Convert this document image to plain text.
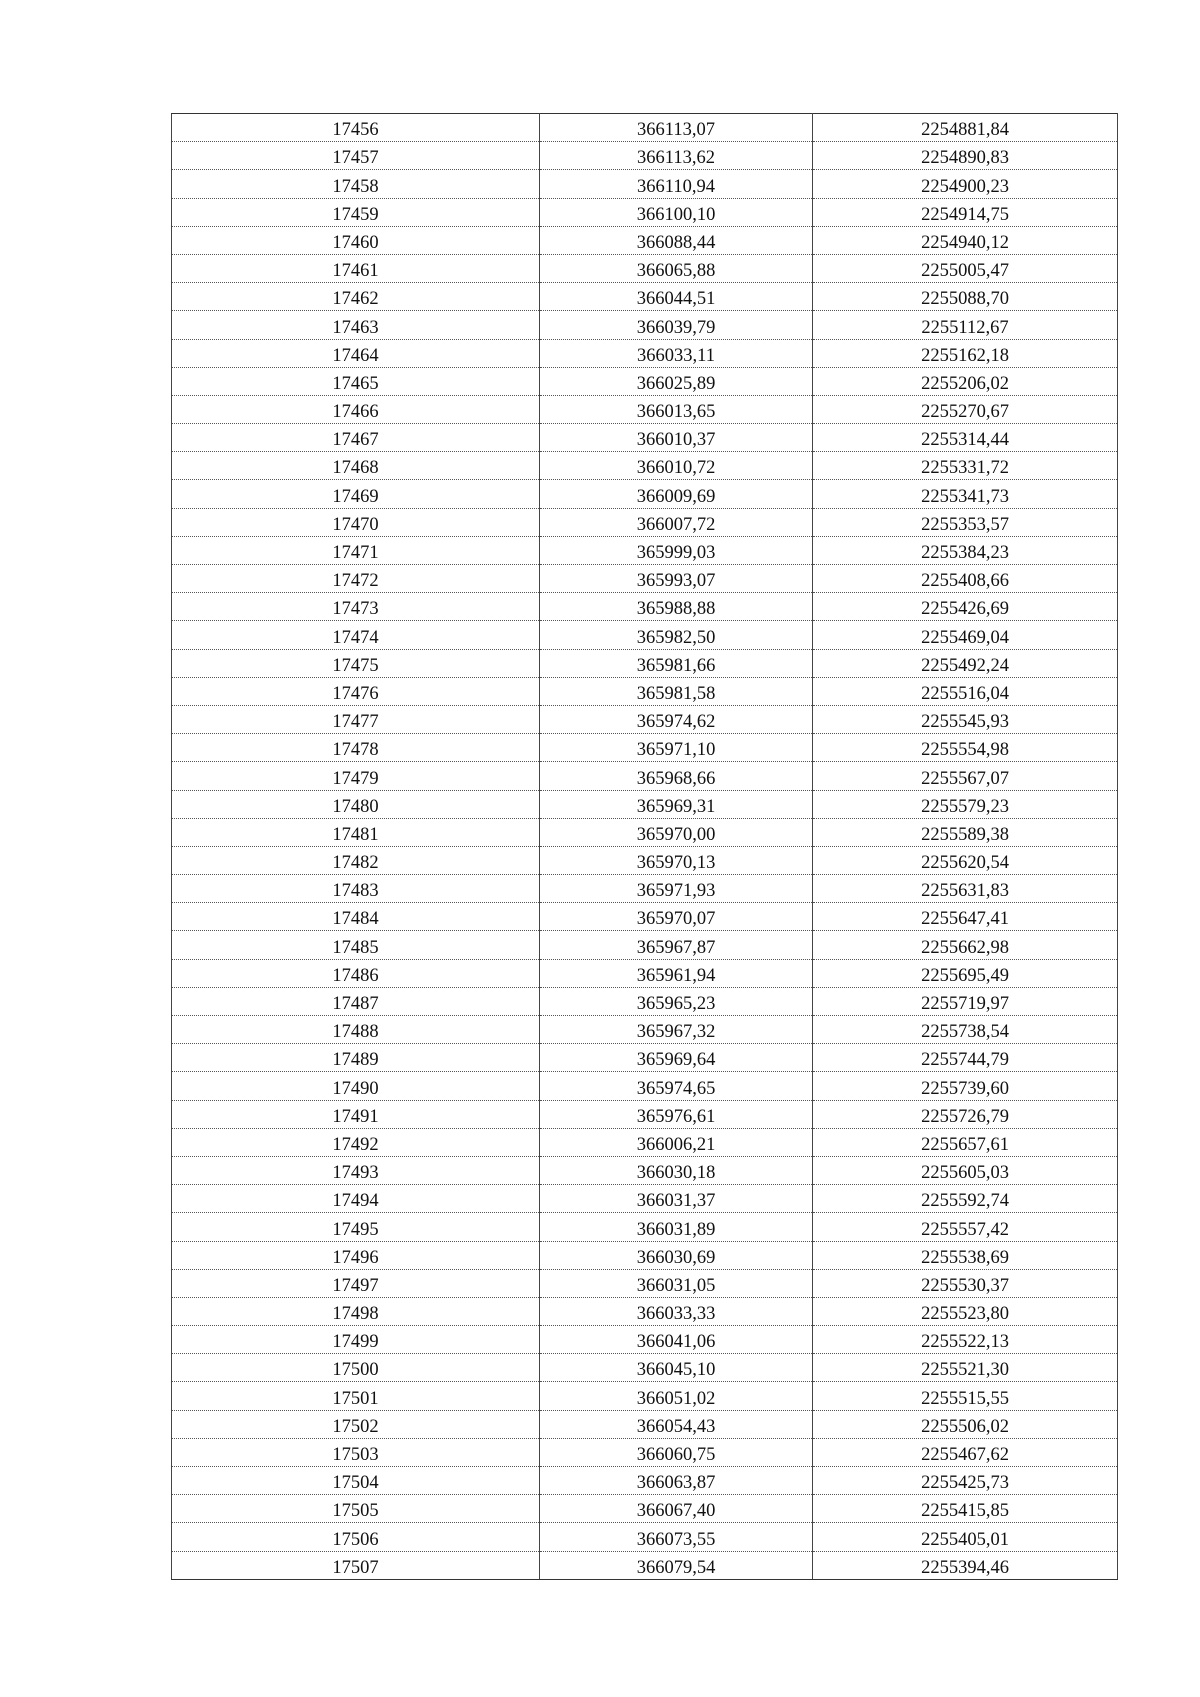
17456	366113,07	2254881,84
17457	366113,62	2254890,83
17458	366110,94	2254900,23
17459	366100,10	2254914,75
17460	366088,44	2254940,12
17461	366065,88	2255005,47
17462	366044,51	2255088,70
17463	366039,79	2255112,67
17464	366033,11	2255162,18
17465	366025,89	2255206,02
17466	366013,65	2255270,67
17467	366010,37	2255314,44
17468	366010,72	2255331,72
17469	366009,69	2255341,73
17470	366007,72	2255353,57
17471	365999,03	2255384,23
17472	365993,07	2255408,66
17473	365988,88	2255426,69
17474	365982,50	2255469,04
17475	365981,66	2255492,24
17476	365981,58	2255516,04
17477	365974,62	2255545,93
17478	365971,10	2255554,98
17479	365968,66	2255567,07
17480	365969,31	2255579,23
17481	365970,00	2255589,38
17482	365970,13	2255620,54
17483	365971,93	2255631,83
17484	365970,07	2255647,41
17485	365967,87	2255662,98
17486	365961,94	2255695,49
17487	365965,23	2255719,97
17488	365967,32	2255738,54
17489	365969,64	2255744,79
17490	365974,65	2255739,60
17491	365976,61	2255726,79
17492	366006,21	2255657,61
17493	366030,18	2255605,03
17494	366031,37	2255592,74
17495	366031,89	2255557,42
17496	366030,69	2255538,69
17497	366031,05	2255530,37
17498	366033,33	2255523,80
17499	366041,06	2255522,13
17500	366045,10	2255521,30
17501	366051,02	2255515,55
17502	366054,43	2255506,02
17503	366060,75	2255467,62
17504	366063,87	2255425,73
17505	366067,40	2255415,85
17506	366073,55	2255405,01
17507	366079,54	2255394,46
